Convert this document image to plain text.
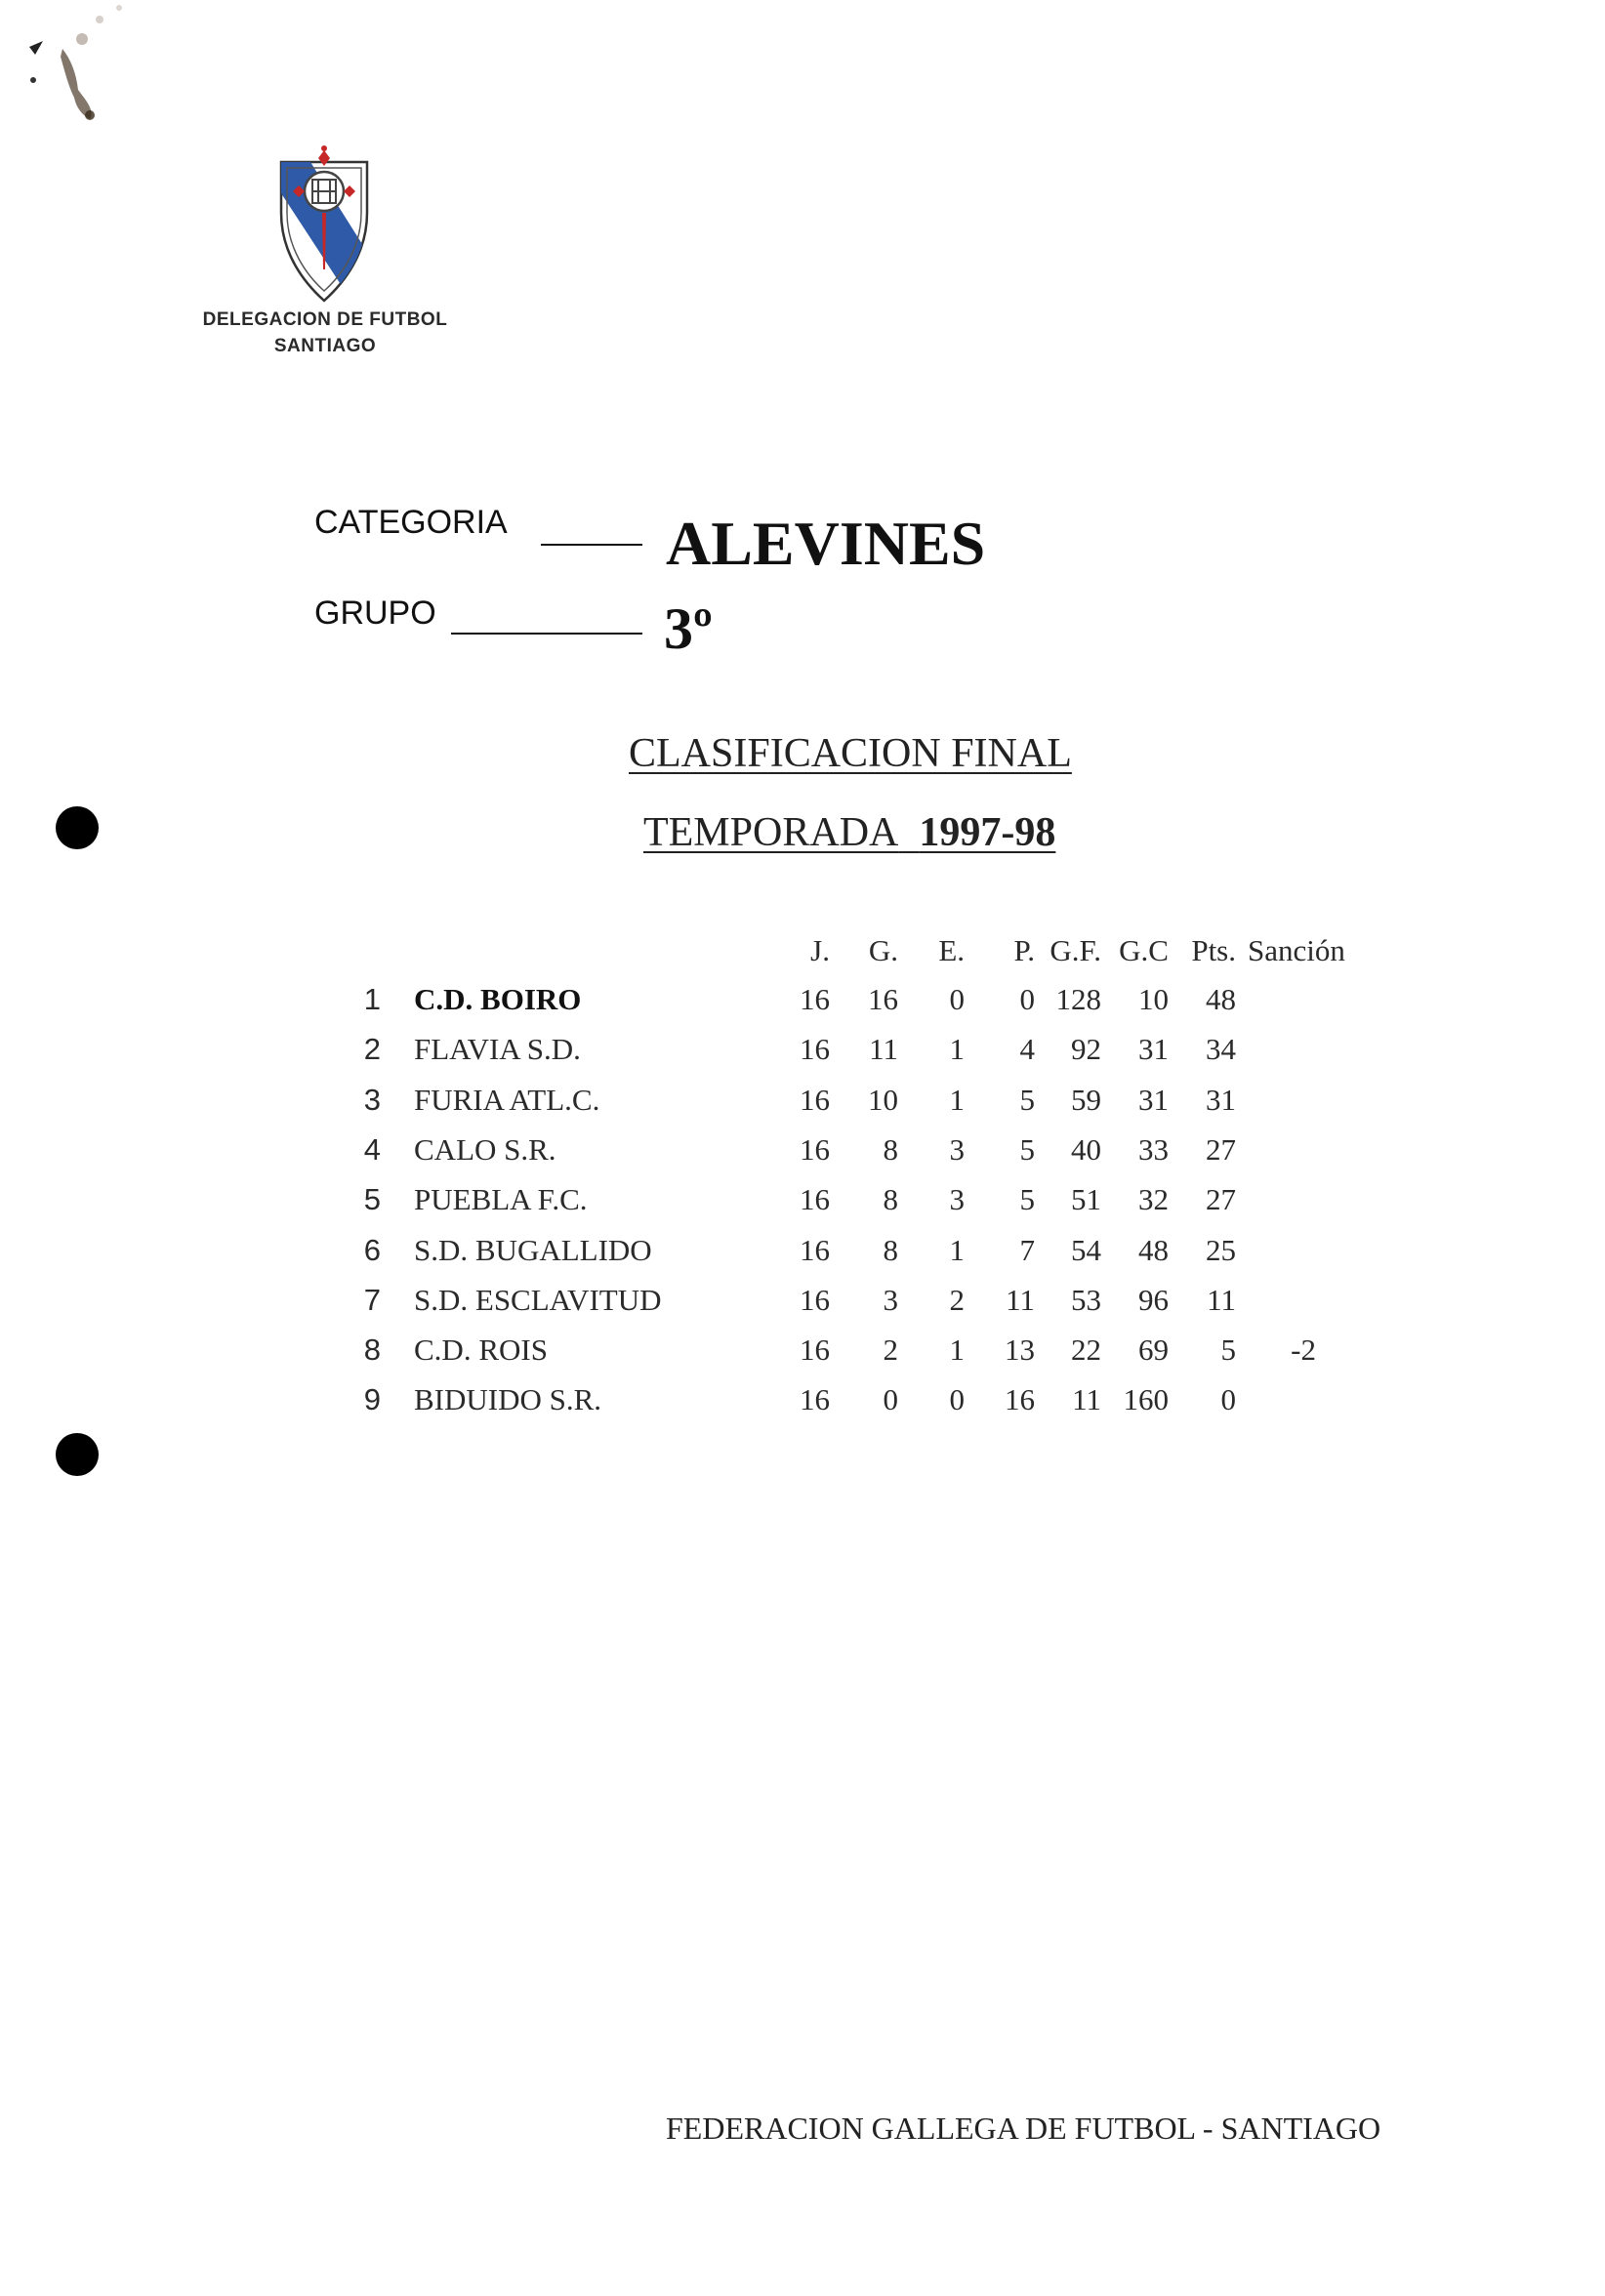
DELEGACION DE FUTBOL
SANTIAGO
CATEGORIA	ALEVINES
GRUPO	3º
CLASIFICACION FINAL
TEMPORADA 1997-98
J.	G.	E.	P. G.F. G.C Pts. Sanción
1 C.D. BOIRO	16	16	0	0 128	10	48
2 FLAVIA S.D.	16	11	1	4	92	31	34
3 FURIA ATL.C.	16	10	1	5	59	31	31
4 CALO S.R.	16	8	3	5	40	33	27
5 PUEBLA F.C.	16	8	3	5	51	32	27
6 S.D. BUGALLIDO	16	8	1	7	54	48	25
7 S.D. ESCLAVITUD	16	3	2	11	53	96	11
8 C.D. ROIS	16	2	1	13	22	69	5	-2
9 BIDUIDO S.R.	16	0	0	16	11 160	0
FEDERACION GALLEGA DE FUTBOL - SANTIAGO
